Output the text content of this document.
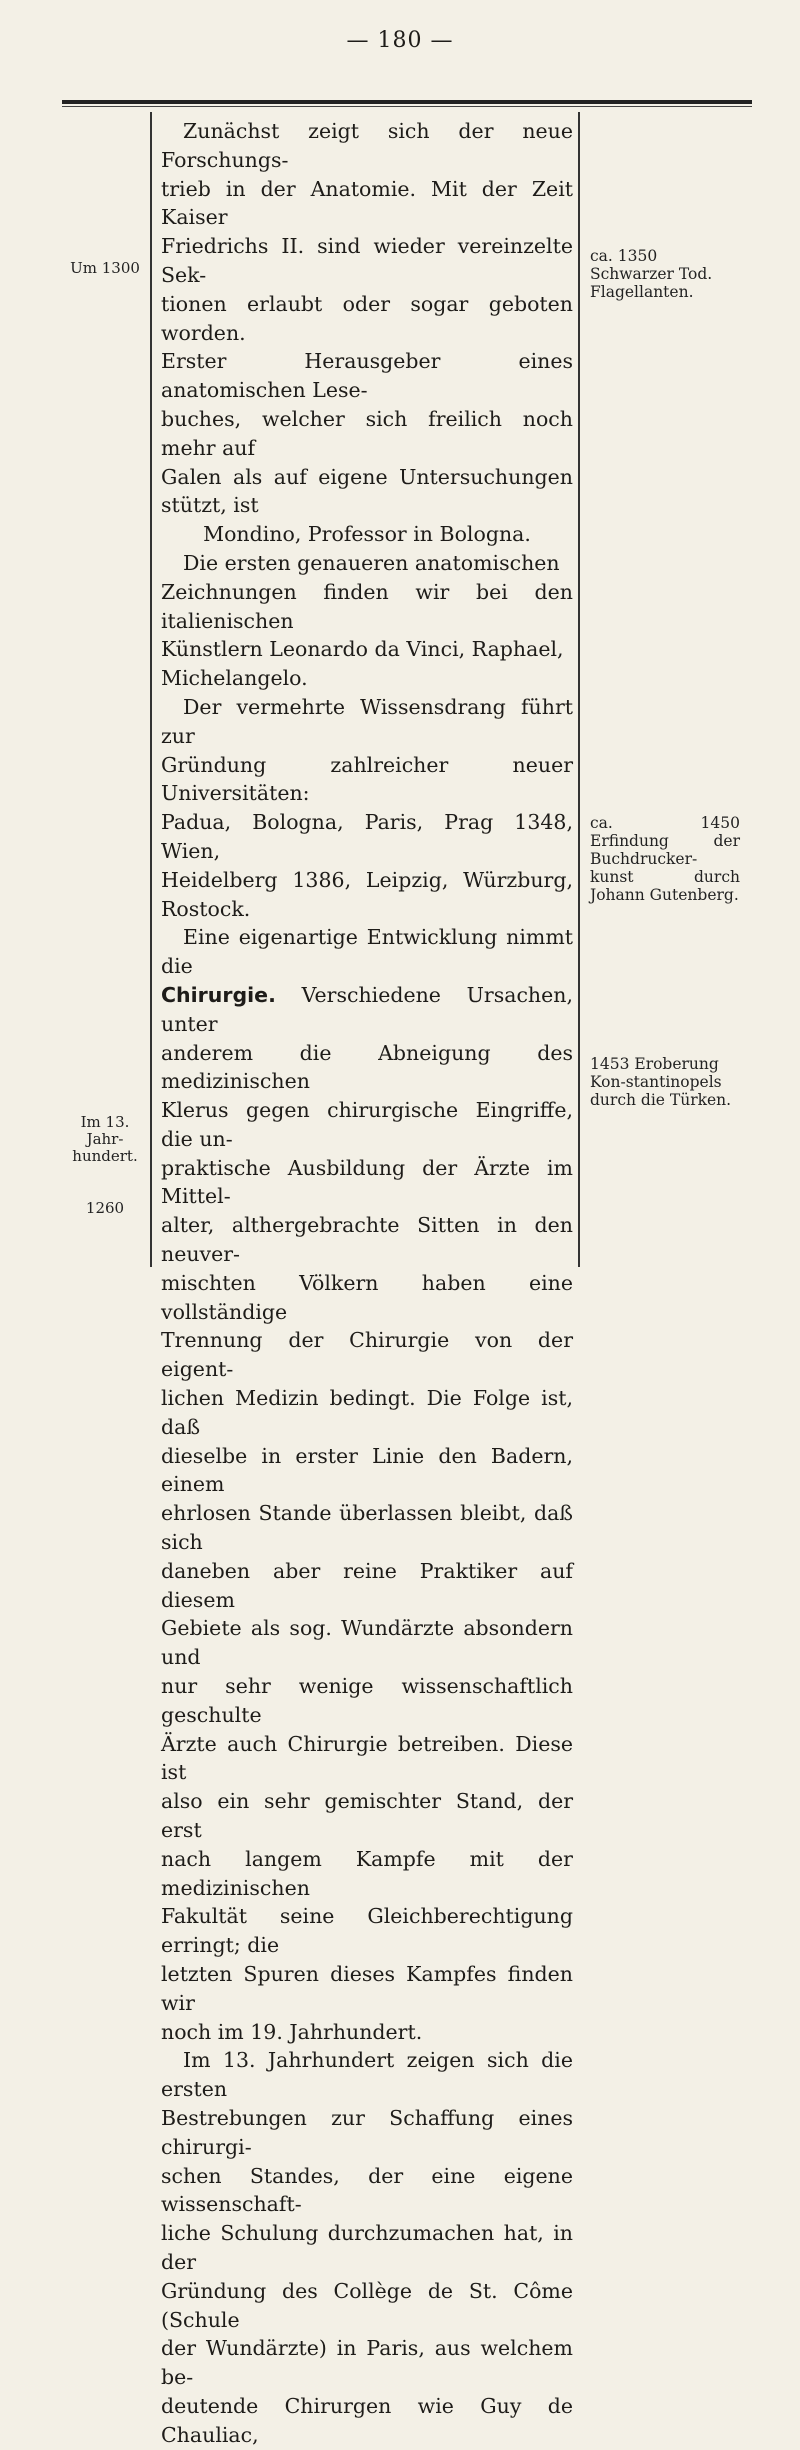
— 180 —
Um 1300
Im 13. Jahr-
hundert.
1260
ca. 1350 Schwarzer Tod. Flagellanten.
ca. 1450 Erfindung der Buchdrucker-kunst durch Johann Gutenberg.
1453 Eroberung Kon-stantinopels durch die Türken.

Zunächst zeigt sich der neue Forschungs-

trieb in der Anatomie. Mit der Zeit Kaiser

Friedrichs II. sind wieder vereinzelte Sek-

tionen erlaubt oder sogar geboten worden.

Erster Herausgeber eines anatomischen Lese-

buches, welcher sich freilich noch mehr auf

Galen als auf eigene Untersuchungen stützt, ist

Mondino, Professor in Bologna.

Die ersten genaueren anatomischen

Zeichnungen finden wir bei den italienischen

Künstlern Leonardo da Vinci, Raphael,

Michelangelo.

Der vermehrte Wissensdrang führt zur

Gründung zahlreicher neuer Universitäten:

Padua, Bologna, Paris, Prag 1348, Wien,

Heidelberg 1386, Leipzig, Würzburg, Rostock.

Eine eigenartige Entwicklung nimmt die

Chirurgie. Verschiedene Ursachen, unter

anderem die Abneigung des medizinischen

Klerus gegen chirurgische Eingriffe, die un-

praktische Ausbildung der Ärzte im Mittel-

alter, althergebrachte Sitten in den neuver-

mischten Völkern haben eine vollständige

Trennung der Chirurgie von der eigent-

lichen Medizin bedingt. Die Folge ist, daß

dieselbe in erster Linie den Badern, einem

ehrlosen Stande überlassen bleibt, daß sich

daneben aber reine Praktiker auf diesem

Gebiete als sog. Wundärzte absondern und

nur sehr wenige wissenschaftlich geschulte

Ärzte auch Chirurgie betreiben. Diese ist

also ein sehr gemischter Stand, der erst

nach langem Kampfe mit der medizinischen

Fakultät seine Gleichberechtigung erringt; die

letzten Spuren dieses Kampfes finden wir

noch im 19. Jahrhundert.

Im 13. Jahrhundert zeigen sich die ersten

Bestrebungen zur Schaffung eines chirurgi-

schen Standes, der eine eigene wissenschaft-

liche Schulung durchzumachen hat, in der

Gründung des Collège de St. Côme (Schule

der Wundärzte) in Paris, aus welchem be-

deutende Chirurgen wie Guy de Chauliac,
